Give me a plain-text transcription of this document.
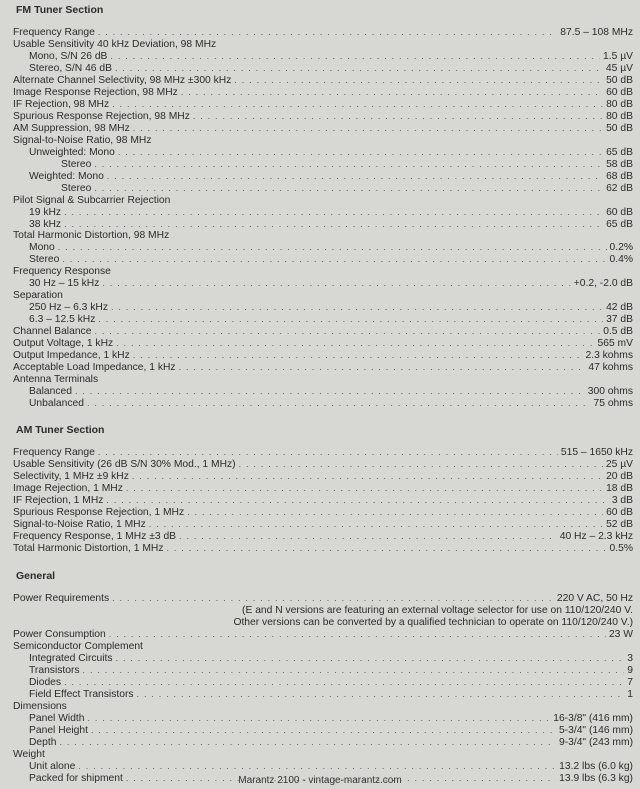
FM Tuner Section
Frequency Range . . .	87.5 – 108 MHz
Usable Sensitivity 40 kHz Deviation, 98 MHz
Mono, S/N 26 dB . . .	1.5 µV
Stereo, S/N 46 dB . . .	45 µV
Alternate Channel Selectivity, 98 MHz ±300 kHz . . .	50 dB
Image Response Rejection, 98 MHz . . .	60 dB
IF Rejection, 98 MHz . . .	80 dB
Spurious Response Rejection, 98 MHz . . .	80 dB
AM Suppression, 98 MHz . . .	50 dB
Signal-to-Noise Ratio, 98 MHz
Unweighted: Mono . . .	65 dB
Stereo . . .	58 dB
Weighted: Mono . . .	68 dB
Stereo . . .	62 dB
Pilot Signal & Subcarrier Rejection
19 kHz . . .	60 dB
38 kHz . . .	65 dB
Total Harmonic Distortion, 98 MHz
Mono . . .	0.2%
Stereo . . .	0.4%
Frequency Response
30 Hz – 15 kHz . . .	+0.2, -2.0 dB
Separation
250 Hz – 6.3 kHz . . .	42 dB
6.3 – 12.5 kHz . . .	37 dB
Channel Balance . . .	0.5 dB
Output Voltage, 1 kHz . . .	565 mV
Output Impedance, 1 kHz . . .	2.3 kohms
Acceptable Load Impedance, 1 kHz . . .	47 kohms
Antenna Terminals
Balanced . . .	300 ohms
Unbalanced . . .	75 ohms
AM Tuner Section
Frequency Range . . .	515 – 1650 kHz
Usable Sensitivity (26 dB S/N 30% Mod., 1 MHz) . . .	25 µV
Selectivity, 1 MHz ±9 kHz . . .	20 dB
Image Rejection, 1 MHz . . .	18 dB
IF Rejection, 1 MHz . . .	3 dB
Spurious Response Rejection, 1 MHz . . .	60 dB
Signal-to-Noise Ratio, 1 MHz . . .	52 dB
Frequency Response, 1 MHz ±3 dB . . .	40 Hz – 2.3 kHz
Total Harmonic Distortion, 1 MHz . . .	0.5%
General
Power Requirements . . .	220 V AC, 50 Hz
(E and N versions are featuring an external voltage selector for use on 110/120/240 V.
Other versions can be converted by a qualified technician to operate on 110/120/240 V.)
Power Consumption . . .	23 W
Semiconductor Complement
Integrated Circuits . . .	3
Transistors . . .	9
Diodes . . .	7
Field Effect Transistors . . .	1
Dimensions
Panel Width . . .	16-3/8" (416 mm)
Panel Height . . .	5-3/4" (146 mm)
Depth . . .	9-3/4" (243 mm)
Weight
Unit alone . . .	13.2 lbs (6.0 kg)
Packed for shipment . . .	13.9 lbs (6.3 kg)
Marantz 2100 - vintage-marantz.com
